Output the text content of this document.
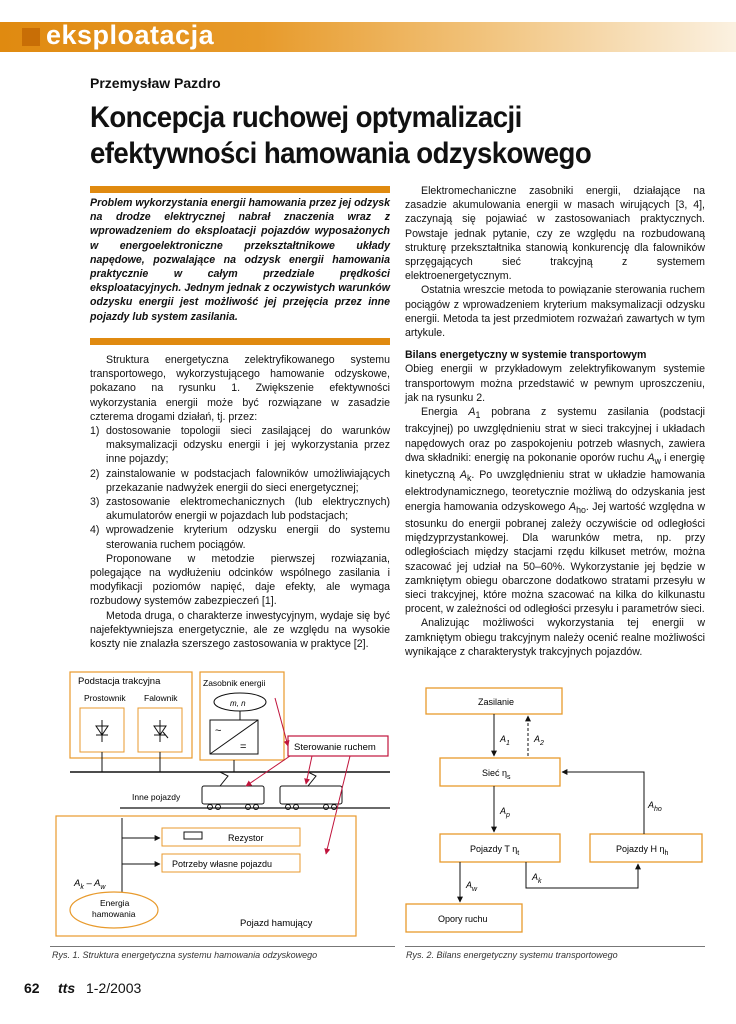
eksploatacja
Przemysław Pazdro
Koncepcja ruchowej optymalizacji
efektywności hamowania odzyskowego
Problem wykorzystania energii hamowania przez jej odzysk na drodze elektrycznej nabrał znaczenia wraz z wprowadzeniem do eksploatacji pojazdów wyposażonych w energoelektroniczne przekształtnikowe układy napędowe, pozwalające na odzysk energii hamowania praktycznie w całym przedziale prędkości eksploatacyjnych. Jednym jednak z oczywistych warunków odzysku energii jest możliwość jej przejęcia przez inne pojazdy lub system zasilania.

Struktura energetyczna zelektryfikowanego systemu transportowego, wykorzystującego hamowanie odzyskowe, pokazano na rysunku 1. Zwiększenie efektywności wykorzystania energii może być rozwiązane w zasadzie czterema drogami działań, tj. przez:

1) dostosowanie topologii sieci zasilającej do warunków maksymalizacji odzysku energii i jej wykorzystania przez inne pojazdy;
2) zainstalowanie w podstacjach falowników umożliwiających przekazanie nadwyżek energii do sieci energetycznej;
3) zastosowanie elektromechanicznych (lub elektrycznych) akumulatorów energii w pojazdach lub podstacjach;
4) wprowadzenie kryterium odzysku energii do systemu sterowania ruchem pociągów.

Proponowane w metodzie pierwszej rozwiązania, polegające na wydłużeniu odcinków wspólnego zasilania i modyfikacji poziomów napięć, daje efekty, ale wymaga rozbudowy systemów zabezpieczeń [1].

Metoda druga, o charakterze inwestycyjnym, wydaje się być najefektywniejsza energetycznie, ale ze względu na wysokie koszty nie znalazła szerszego zastosowania w praktyce [2].

Elektromechaniczne zasobniki energii, działające na zasadzie akumulowania energii w masach wirujących [3, 4], zaczynają się pojawiać w zastosowaniach praktycznych. Powstaje jednak pytanie, czy ze względu na rozbudowaną strukturę przekształtnika stanowią konkurencję dla falowników sprzęgających sieć trakcyjną z systemem elektroenergetycznym.

Ostatnia wreszcie metoda to powiązanie sterowania ruchem pociągów z wprowadzeniem kryterium maksymalizacji odzysku energii. Metoda ta jest przedmiotem rozważań zawartych w tym artykule.

Bilans energetyczny w systemie transportowym

Obieg energii w przykładowym zelektryfikowanym systemie transportowym można przedstawić w pewnym uproszczeniu, jak na rysunku 2.

Energia $A_1$ pobrana z systemu zasilania (podstacji trakcyjnej) po uwzględnieniu strat w sieci trakcyjnej i układach napędowych oraz po zaspokojeniu potrzeb własnych, zawiera dwa składniki: energię na pokonanie oporów ruchu $A_w$ i energię kinetyczną $A_k$. Po uwzględnieniu strat w układzie hamowania elektrodynamicznego, teoretycznie możliwą do odzyskania jest energia hamowania odzyskowego $A_{ho}$. Jej wartość względna w stosunku do energii pobranej zależy oczywiście od odległości międzyprzystankowej. Dla warunków metra, np. przy odległościach między stacjami rzędu kilkuset metrów, można szacować jej udział na 50–60%. Wykorzystanie jej będzie w zamkniętym obiegu obarczone dodatkowo stratami przesyłu w sieci trakcyjnej, które można szacować na kilka do kilkunastu procent, w zależności od odległości przesyłu i parametrów sieci.

Analizując możliwości wykorzystania tej energii w zamkniętym obiegu trakcyjnym należy ocenić realne możliwości wynikające z charakterystyk trakcyjnych pojazdów.

Podstacja trakcyjna
Prostownik Falownik
Zasobnik energii
m, n
~
=	Sterowanie ruchem
Inne pojazdy
Rezystor
Potrzeby własne pojazdu
$A_k - A_w$
Energia
hamowania
Pojazd hamujący
Rys. 1. Struktura energetyczna systemu hamowania odzyskowego
Zasilanie
Sieć $\eta_s$
Pojazdy T $\eta_t$	Pojazdy H $\eta_h$
Opory ruchu
$A_1$	$A_2$
$A_p$
$A_{ho}$
$A_w$
$A_k$
Rys. 2. Bilans energetyczny systemu transportowego
62 tts 1-2/2003
